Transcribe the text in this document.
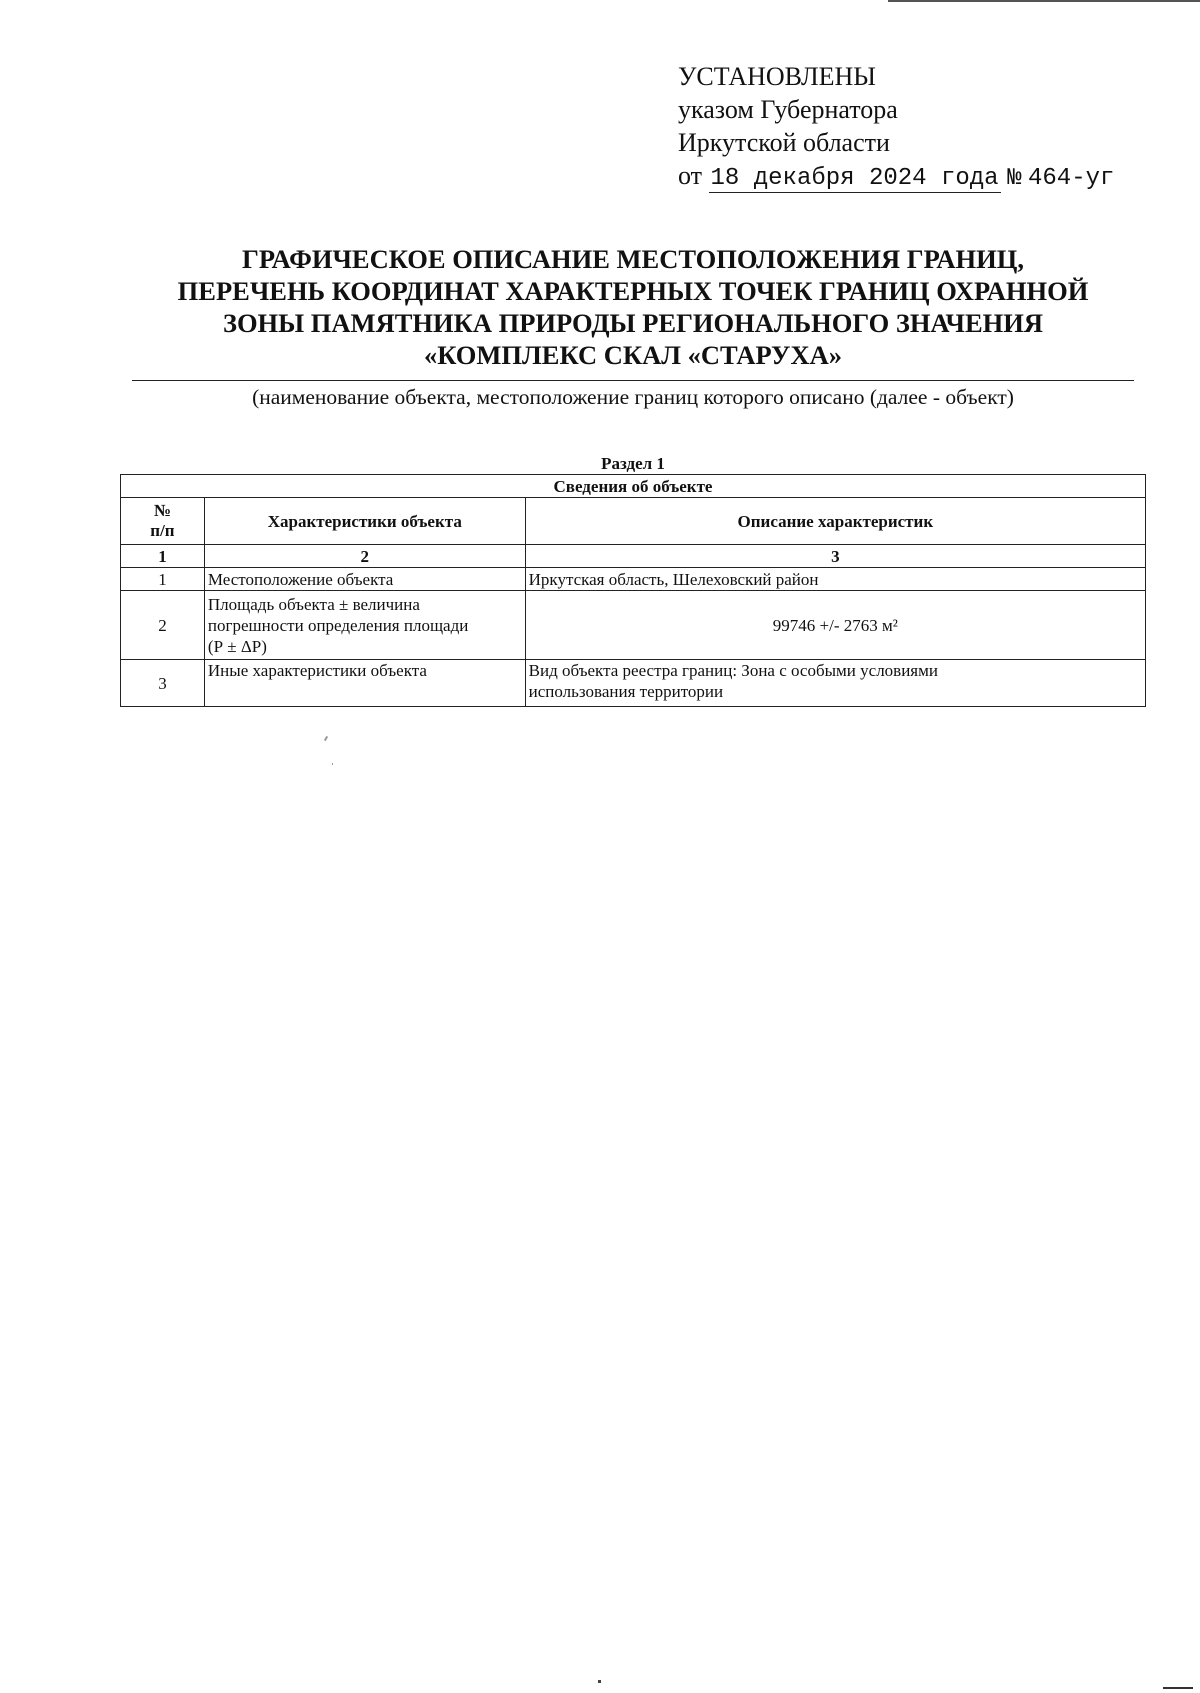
УСТАНОВЛЕНЫ
указом Губернатора
Иркутской области
от 18 декабря 2024 года № 464-уг
ГРАФИЧЕСКОЕ ОПИСАНИЕ МЕСТОПОЛОЖЕНИЯ ГРАНИЦ,
ПЕРЕЧЕНЬ КООРДИНАТ ХАРАКТЕРНЫХ ТОЧЕК ГРАНИЦ ОХРАННОЙ
ЗОНЫ ПАМЯТНИКА ПРИРОДЫ РЕГИОНАЛЬНОГО ЗНАЧЕНИЯ
«КОМПЛЕКС СКАЛ «СТАРУХА»
(наименование объекта, местоположение границ которого описано (далее - объект)
Раздел 1
Сведения об объекте		

№
п/п	Характеристики объекта	Описание характеристик
1	2	3
1	Местоположение объекта	Иркутская область, Шелеховский район

2	Площадь объекта ± величина
погрешности определения площади
(Р ± ΔР)	99746 +/- 2763 м²

3	Иные характеристики объекта	Вид объекта реестра границ: Зона с особыми условиями
использования территории
